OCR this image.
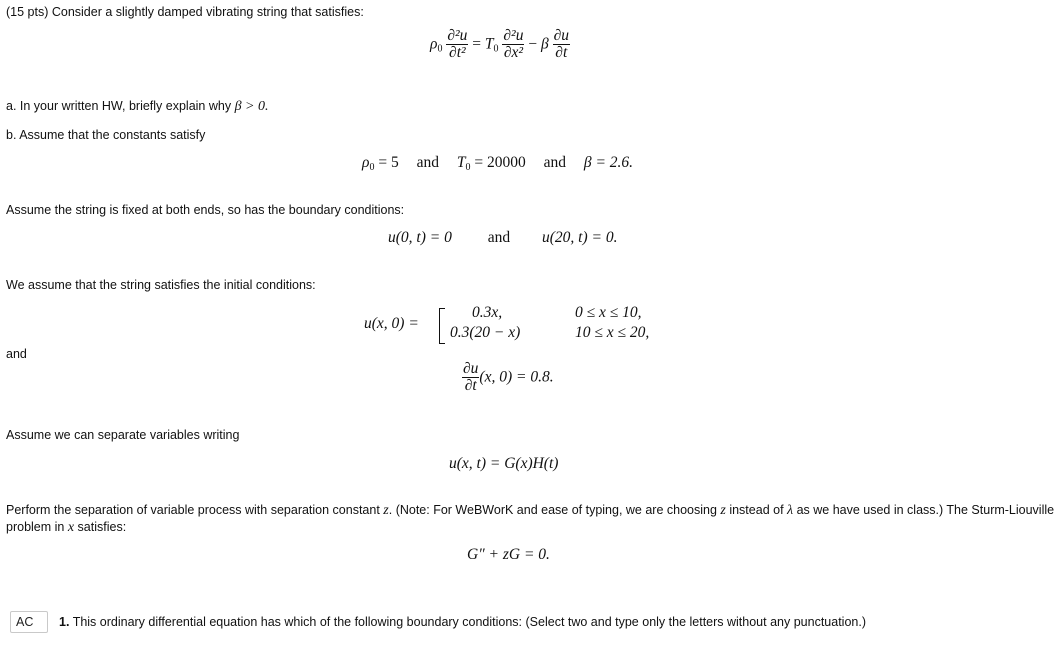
(15 pts) Consider a slightly damped vibrating string that satisfies:
$\rho_0 \frac{\text{∂²u}}{\text{∂t²}} = T_0 \frac{\text{∂²u}}{\text{∂x²}} - \beta \frac{\partial u}{\partial t}$
a. In your written HW, briefly explain why β > 0.
b. Assume that the constants satisfy
$\rho_0 = 5$ and $T_0 = 20000$ and β = 2.6.
Assume the string is fixed at both ends, so has the boundary conditions:
u(0, t) = 0 and u(20, t) = 0.
We assume that the string satisfies the initial conditions:
u(x, 0) =
0.3x,	0 ≤ x ≤ 10,
0.3(20 − x)	10 ≤ x ≤ 20,
and
$\frac{\partial u}{\partial t} (x$, 0) = 0.8.
Assume we can separate variables writing
u(x, t) = G(x)H(t)
Perform the separation of variable process with separation constant z. (Note: For WeBWorK and ease of typing, we are choosing z instead of λ as we have used in class.) The Sturm-Liouville
problem in x satisfies:
G″ + zG = 0.
AC
1. This ordinary differential equation has which of the following boundary conditions: (Select two and type only the letters without any punctuation.)
